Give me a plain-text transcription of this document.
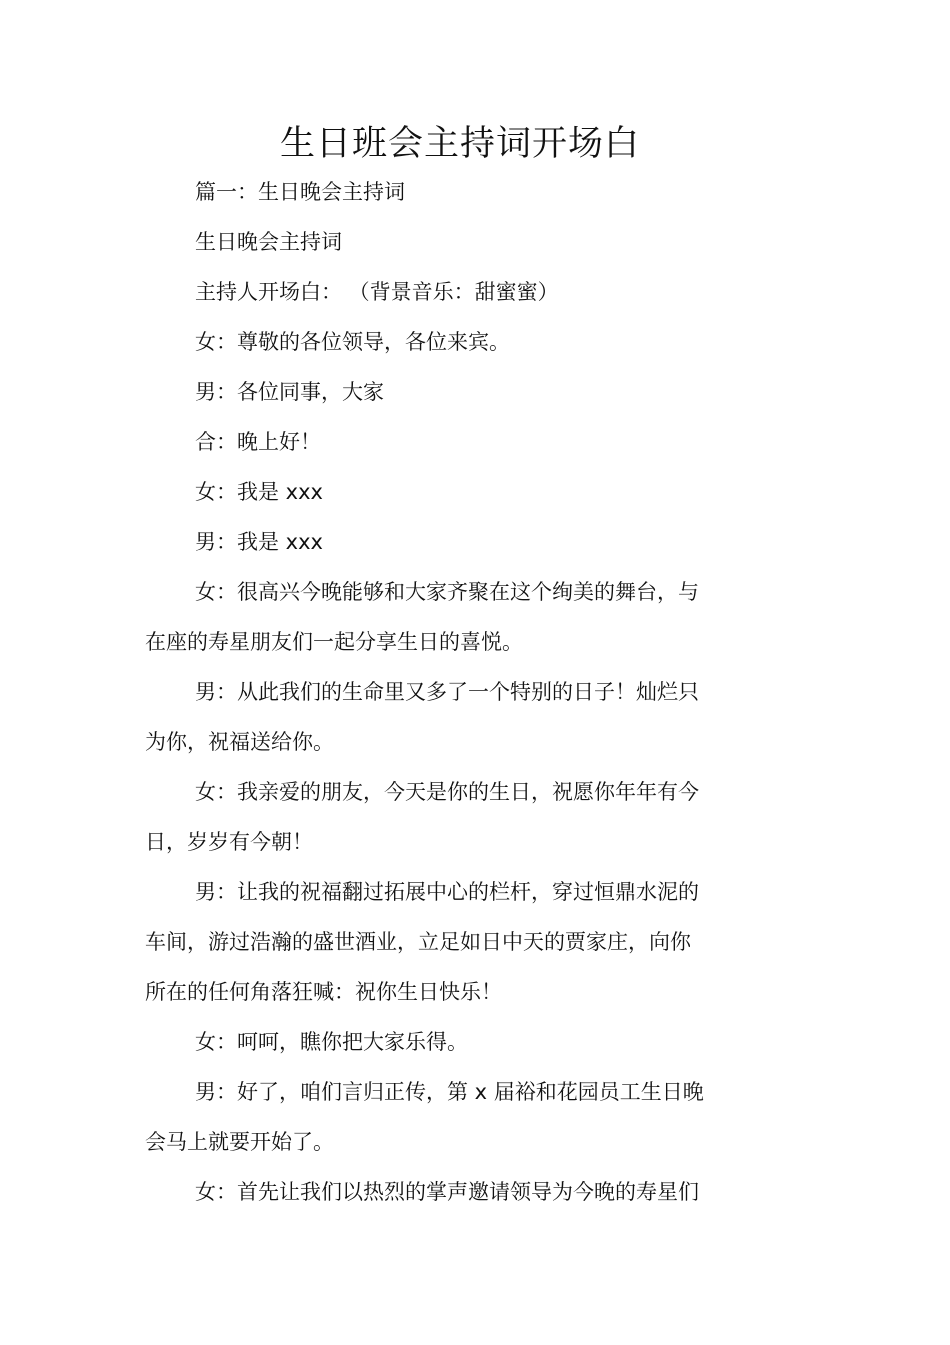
生日班会主持词开场白

篇一：生日晚会主持词

生日晚会主持词

主持人开场白： （背景音乐：甜蜜蜜）

女：尊敬的各位领导，各位来宾。

男：各位同事，大家

合：晚上好！

女：我是 xxx

男：我是 xxx

女：很高兴今晚能够和大家齐聚在这个绚美的舞台，与

在座的寿星朋友们一起分享生日的喜悦。

男：从此我们的生命里又多了一个特别的日子！灿烂只

为你，祝福送给你。

女：我亲爱的朋友，今天是你的生日，祝愿你年年有今

日，岁岁有今朝！

男：让我的祝福翻过拓展中心的栏杆，穿过恒鼎水泥的

车间，游过浩瀚的盛世酒业，立足如日中天的贾家庄，向你

所在的任何角落狂喊：祝你生日快乐！

女：呵呵，瞧你把大家乐得。

男：好了，咱们言归正传，第 x 届裕和花园员工生日晚

会马上就要开始了。

女：首先让我们以热烈的掌声邀请领导为今晚的寿星们
